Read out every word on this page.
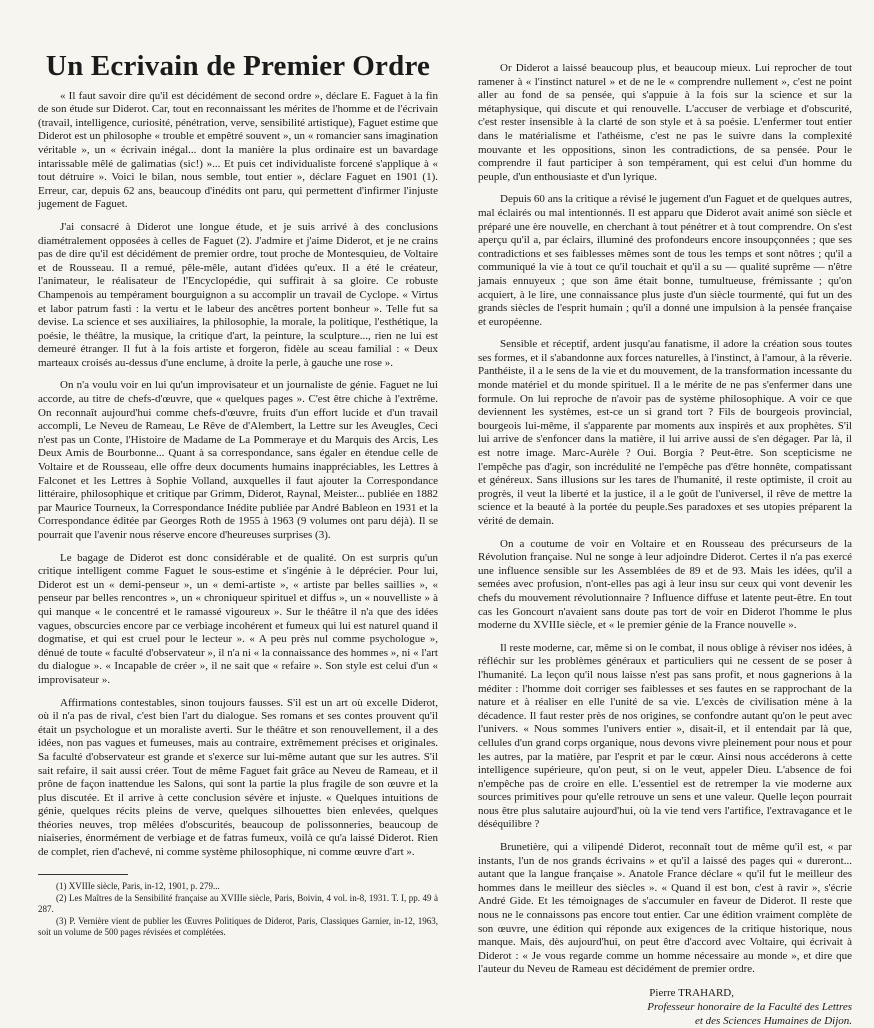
Un Ecrivain de Premier Ordre

« Il faut savoir dire qu'il est décidément de second ordre », déclare E. Faguet à la fin de son étude sur Diderot. Car, tout en reconnaissant les mérites de l'homme et de l'écrivain (travail, intelligence, curiosité, pénétration, verve, sensibilité artistique), Faguet estime que Diderot est un philosophe « trouble et empêtré souvent », un « romancier sans imagination véritable », un « écrivain inégal... dont la manière la plus ordinaire est un bavardage intarissable mêlé de galimatias (sic!) »... Et puis cet individualiste forcené s'applique à « tout détruire ». Voici le bilan, nous semble, tout entier », déclare Faguet en 1901 (1). Erreur, car, depuis 62 ans, beaucoup d'inédits ont paru, qui permettent d'infirmer l'injuste jugement de Faguet.

J'ai consacré à Diderot une longue étude, et je suis arrivé à des conclusions diamétralement opposées à celles de Faguet (2). J'admire et j'aime Diderot, et je ne crains pas de dire qu'il est décidément de premier ordre, tout proche de Montesquieu, de Voltaire et de Rousseau. Il a remué, pêle-mêle, autant d'idées qu'eux. Il a été le créateur, l'animateur, le réalisateur de l'Encyclopédie, qui suffirait à sa gloire. Ce robuste Champenois au tempérament bourguignon a su accomplir un travail de Cyclope. « Virtus et labor patrum fasti : la vertu et le labeur des ancêtres portent bonheur ». Telle fut sa devise. La science et ses auxiliaires, la philosophie, la morale, la politique, l'esthétique, la poésie, le théâtre, la musique, la critique d'art, la peinture, la sculpture..., rien ne lui est demeuré étranger. Il fut à la fois artiste et forgeron, fidèle au sceau familial : « Deux marteaux croisés au-dessus d'une enclume, à droite la perle, à gauche une rose ».

On n'a voulu voir en lui qu'un improvisateur et un journaliste de génie. Faguet ne lui accorde, au titre de chefs-d'œuvre, que « quelques pages ». C'est être chiche à l'extrême. On reconnaît aujourd'hui comme chefs-d'œuvre, fruits d'un effort lucide et d'un travail accompli, Le Neveu de Rameau, Le Rêve de d'Alembert, la Lettre sur les Aveugles, Ceci n'est pas un Conte, l'Histoire de Madame de La Pommeraye et du Marquis des Arcis, Les Deux Amis de Bourbonne... Quant à sa correspondance, sans égaler en étendue celle de Voltaire et de Rousseau, elle offre deux documents humains inappréciables, les Lettres à Falconet et les Lettres à Sophie Volland, auxquelles il faut ajouter la Correspondance littéraire, philosophique et critique par Grimm, Diderot, Raynal, Meister... publiée en 1882 par Maurice Tourneux, la Correspondance Inédite publiée par André Bableon en 1931 et la Correspondance éditée par Georges Roth de 1955 à 1963 (9 volumes ont paru déjà). Il se pourrait que l'avenir nous réserve encore d'heureuses surprises (3).

Le bagage de Diderot est donc considérable et de qualité. On est surpris qu'un critique intelligent comme Faguet le sous-estime et s'ingénie à le déprécier. Pour lui, Diderot est un « demi-penseur », un « demi-artiste », « artiste par belles saillies », « penseur par belles rencontres », un « chroniqueur spirituel et diffus », un « nouvelliste » à qui manque « le concentré et le ramassé vigoureux ». Sur le théâtre il n'a que des idées vagues, obscurcies encore par ce verbiage incohérent et fumeux qui lui est naturel quand il dogmatise, et qui est cruel pour le lecteur ». « A peu près nul comme psychologue », dénué de toute « faculté d'observateur », il n'a ni « la connaissance des hommes », ni « l'art du dialogue ». « Incapable de créer », il ne sait que « refaire ». Son style est celui d'un « improvisateur ».

Affirmations contestables, sinon toujours fausses. S'il est un art où excelle Diderot, où il n'a pas de rival, c'est bien l'art du dialogue. Ses romans et ses contes prouvent qu'il était un psychologue et un moraliste averti. Sur le théâtre et son renouvellement, il a des idées, non pas vagues et fumeuses, mais au contraire, extrêmement précises et originales. Sa faculté d'observateur est grande et s'exerce sur lui-même autant que sur les autres. S'il sait refaire, il sait aussi créer. Tout de même Faguet fait grâce au Neveu de Rameau, et il prône de façon inattendue les Salons, qui sont la partie la plus fragile de son œuvre et la plus discutée. Et il arrive à cette conclusion sévère et injuste. « Quelques intuitions de génie, quelques récits pleins de verve, quelques silhouettes bien enlevées, quelques théories neuves, trop mêlées d'obscurités, beaucoup de polissonneries, beaucoup de niaiseries, énormément de verbiage et de fatras fumeux, voilà ce qu'a laissé Diderot. Rien de complet, rien d'achevé, ni comme système philosophique, ni comme œuvre d'art ».

(1) XVIIIe siècle, Paris, in-12, 1901, p. 279...

(2) Les Maîtres de la Sensibilité française au XVIIIe siècle, Paris, Boivin, 4 vol. in-8, 1931. T. I, pp. 49 à 287.

(3) P. Vernière vient de publier les Œuvres Politiques de Diderot, Paris, Classiques Garnier, in-12, 1963, soit un volume de 500 pages révisées et complétées.

Or Diderot a laissé beaucoup plus, et beaucoup mieux. Lui reprocher de tout ramener à « l'instinct naturel » et de ne le « comprendre nullement », c'est ne point aller au fond de sa pensée, qui s'appuie à la fois sur la science et sur la métaphysique, qui discute et qui renouvelle. L'accuser de verbiage et d'obscurité, c'est rester insensible à la clarté de son style et à sa poésie. L'enfermer tout entier dans le matérialisme et l'athéisme, c'est ne pas le suivre dans la complexité mouvante et les oppositions, sinon les contradictions, de sa pensée. Pour le comprendre il faut participer à son tempérament, qui est celui d'un homme du peuple, d'un enthousiaste et d'un lyrique.

Depuis 60 ans la critique a révisé le jugement d'un Faguet et de quelques autres, mal éclairés ou mal intentionnés. Il est apparu que Diderot avait animé son siècle et préparé une ère nouvelle, en cherchant à tout pénétrer et à tout comprendre. On s'est aperçu qu'il a, par éclairs, illuminé des profondeurs encore insoupçonnées ; que ses contradictions et ses faiblesses mêmes sont de tous les temps et sont nôtres ; qu'il a communiqué la vie à tout ce qu'il touchait et qu'il a su — qualité suprême — n'être jamais ennuyeux ; que son âme était bonne, tumultueuse, frémissante ; qu'on acquiert, à le lire, une connaissance plus juste d'un siècle tourmenté, qui fut un des grands siècles de l'esprit humain ; qu'il a donné une impulsion à la pensée française et européenne.

Sensible et réceptif, ardent jusqu'au fanatisme, il adore la création sous toutes ses formes, et il s'abandonne aux forces naturelles, à l'instinct, à l'amour, à la rêverie. Panthéiste, il a le sens de la vie et du mouvement, de la transformation incessante du monde matériel et du monde spirituel. Il a le mérite de ne pas s'enfermer dans une formule. On lui reproche de n'avoir pas de système philosophique. A voir ce que deviennent les systèmes, est-ce un si grand tort ? Fils de bourgeois provincial, bourgeois lui-même, il s'apparente par moments aux inspirés et aux prophètes. S'il lui arrive de s'enfoncer dans la matière, il lui arrive aussi de s'en dégager. Par là, il est notre image. Marc-Aurèle ? Oui. Borgia ? Peut-être. Son scepticisme ne l'empêche pas d'agir, son incrédulité ne l'empêche pas d'être honnête, compatissant et généreux. Sans illusions sur les tares de l'humanité, il reste optimiste, il croit au progrès, il veut la liberté et la justice, il a le goût de l'universel, il rêve de mettre la science et la beauté à la portée du peuple.Ses paradoxes et ses utopies préparent la vérité de demain.

On a coutume de voir en Voltaire et en Rousseau des précurseurs de la Révolution française. Nul ne songe à leur adjoindre Diderot. Certes il n'a pas exercé une influence sensible sur les Assemblées de 89 et de 93. Mais les idées, qu'il a semées avec profusion, n'ont-elles pas agi à leur insu sur ceux qui vont devenir les chefs du mouvement révolutionnaire ? Influence diffuse et latente peut-être. En tout cas les Goncourt n'avaient sans doute pas tort de voir en Diderot l'homme le plus moderne du XVIIIe siècle, et « le premier génie de la France nouvelle ».

Il reste moderne, car, même si on le combat, il nous oblige à réviser nos idées, à réfléchir sur les problèmes généraux et particuliers qui ne cessent de se poser à l'humanité. La leçon qu'il nous laisse n'est pas sans profit, et nous gagnerions à la méditer : l'homme doit corriger ses faiblesses et ses fautes en se rapprochant de la nature et à réaliser en elle l'unité de sa vie. L'excès de civilisation mène à la décadence. Il faut rester près de nos origines, se confondre autant qu'on le peut avec l'univers. « Nous sommes l'univers entier », disait-il, et il entendait par là que, cellules d'un grand corps organique, nous devons vivre pleinement pour nous et pour les autres, par la matière, par l'esprit et par le cœur. Ainsi nous accéderons à cette intelligence supérieure, qu'on peut, si on le veut, appeler Dieu. L'absence de foi n'empêche pas de croire en elle. L'essentiel est de retremper la vie moderne aux sources primitives pour qu'elle retrouve un sens et une valeur. Quelle leçon pourrait nous être plus salutaire aujourd'hui, où la vie tend vers l'artifice, l'extravagance et le déséquilibre ?

Brunetière, qui a vilipendé Diderot, reconnaît tout de même qu'il est, « par instants, l'un de nos grands écrivains » et qu'il a laissé des pages qui « dureront... autant que la langue française ». Anatole France déclare « qu'il fut le meilleur des hommes dans le meilleur des siècles ». « Quand il est bon, c'est à ravir », s'écrie André Gide. Et les témoignages de s'accumuler en faveur de Diderot. Il reste que nous ne le connaissons pas encore tout entier. Car une édition vraiment complète de son œuvre, une édition qui réponde aux exigences de la critique historique, nous manque. Mais, dès aujourd'hui, on peut être d'accord avec Voltaire, qui écrivait à Diderot : « Je vous regarde comme un homme nécessaire au monde », et dire que l'auteur du Neveu de Rameau est décidément de premier ordre.

Pierre TRAHARD,
Professeur honoraire de la Faculté des Lettres
et des Sciences Humaines de Dijon.
